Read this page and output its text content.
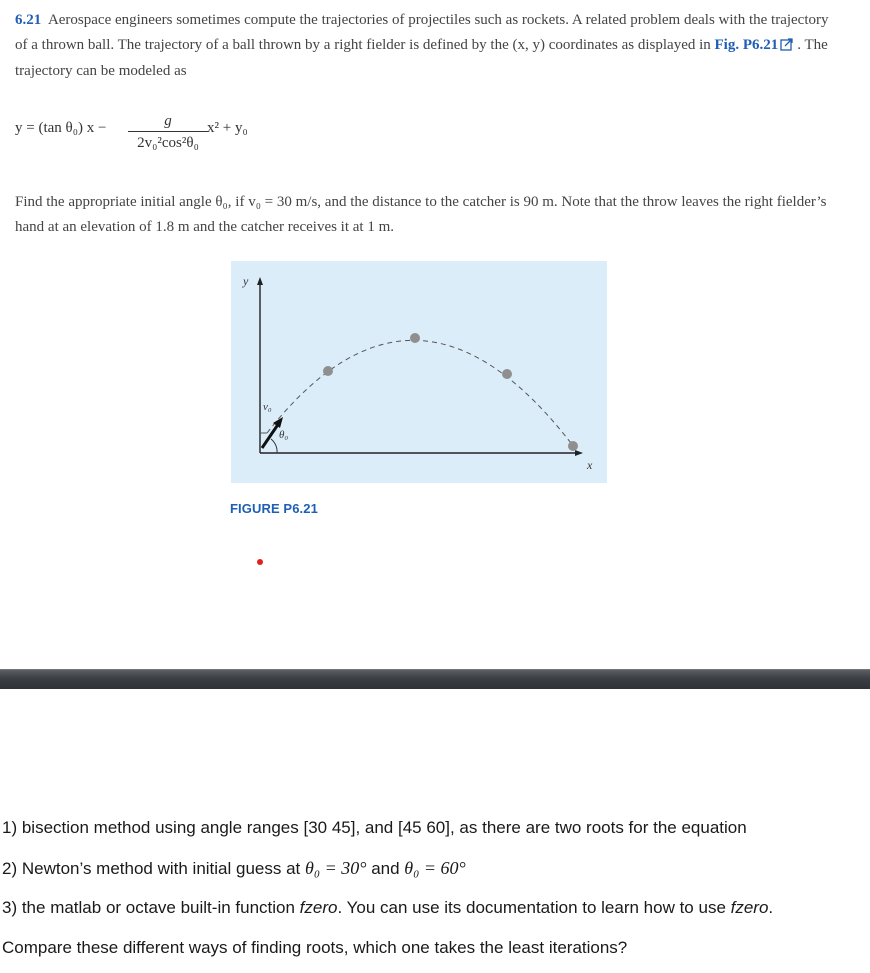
6.21 Aerospace engineers sometimes compute the trajectories of projectiles such as rockets. A related problem deals with the trajectory of a thrown ball. The trajectory of a ball thrown by a right fielder is defined by the (x, y) coordinates as displayed in Fig. P6.21 . The trajectory can be modeled as
y = (tan θ₀) x −	g
2v₀²cos²θ₀
x² + y₀
Find the appropriate initial angle θ₀, if v₀ = 30 m/s, and the distance to the catcher is 90 m. Note that the throw leaves the right fielder’s hand at an elevation of 1.8 m and the catcher receives it at 1 m.
y
x
v₀
θ₀
FIGURE P6.21
1) bisection method using angle ranges [30 45], and [45 60], as there are two roots for the equation
2) Newton’s method with initial guess at θ₀ = 30° and θ₀ = 60°
3) the matlab or octave built-in function fzero. You can use its documentation to learn how to use fzero.
Compare these different ways of finding roots, which one takes the least iterations?
